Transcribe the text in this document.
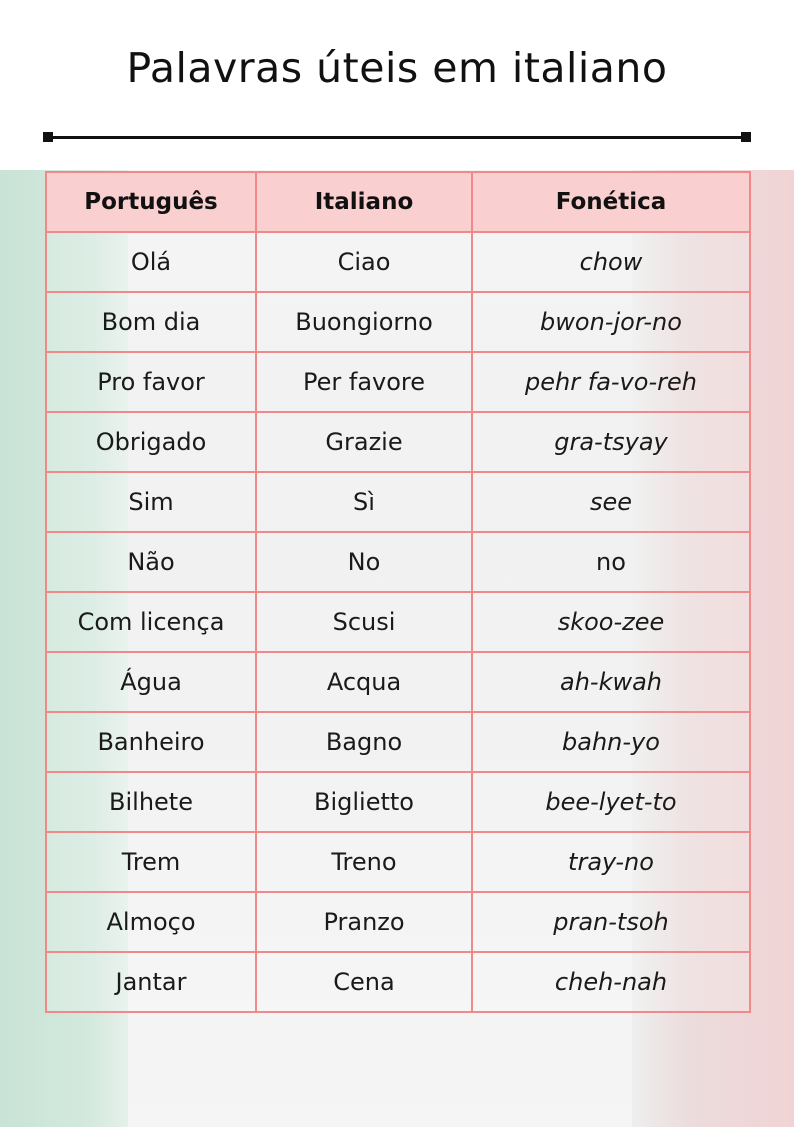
Palavras úteis em italiano
Português	Italiano	Fonética
Olá	Ciao	chow
Bom dia	Buongiorno	bwon-jor-no
Pro favor	Per favore	pehr fa-vo-reh
Obrigado	Grazie	gra-tsyay
Sim	Sì	see
Não	No	no
Com licença	Scusi	skoo-zee
Água	Acqua	ah-kwah
Banheiro	Bagno	bahn-yo
Bilhete	Biglietto	bee-lyet-to
Trem	Treno	tray-no
Almoço	Pranzo	pran-tsoh
Jantar	Cena	cheh-nah
